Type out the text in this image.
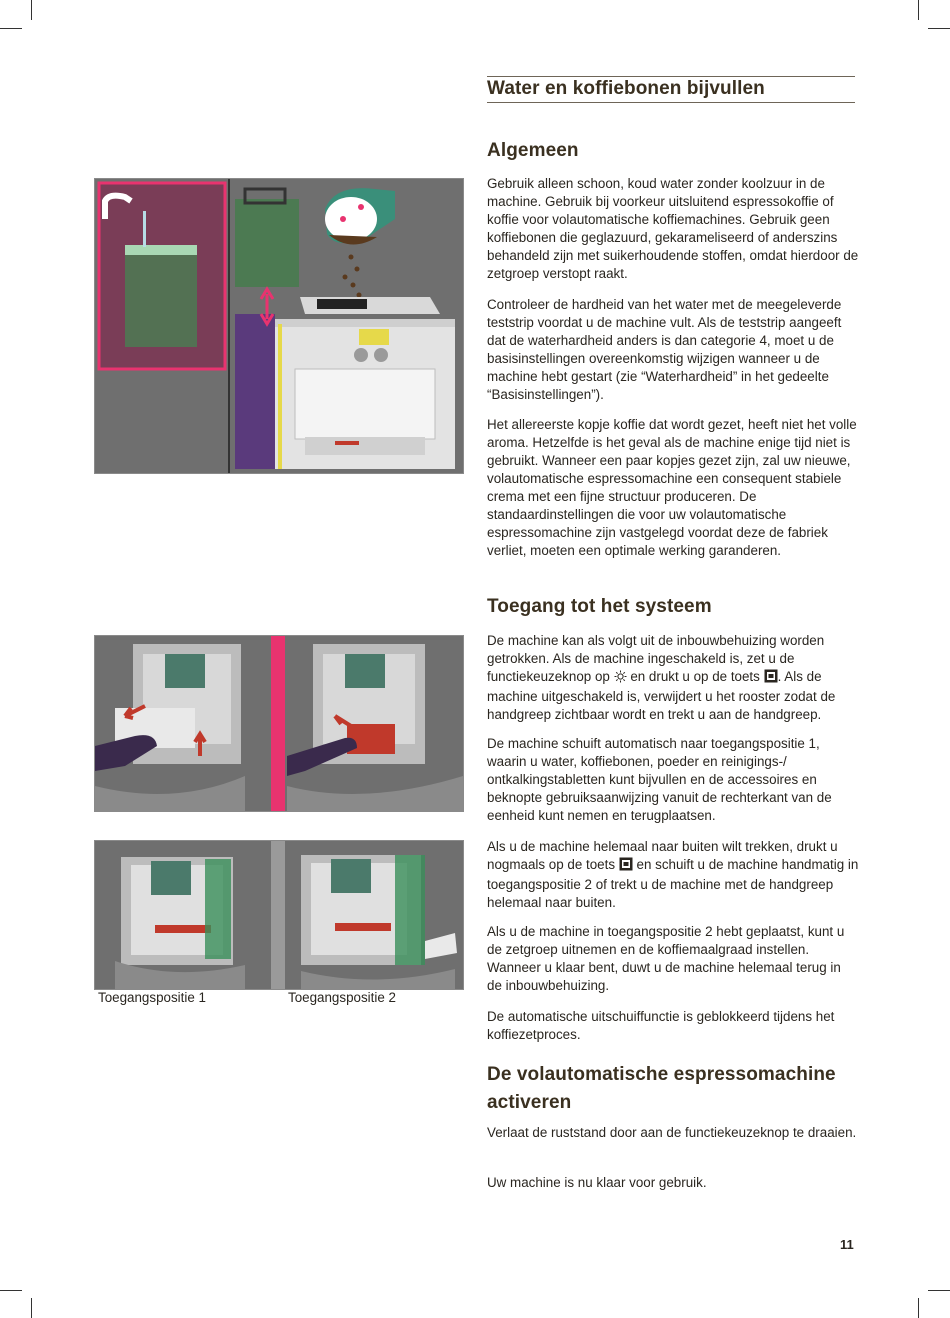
Water en koffiebonen bijvullen
Algemeen

Gebruik alleen schoon, koud water zonder koolzuur in de machine. Gebruik bij voorkeur uitsluitend espressokoffie of koffie voor volautomatische koffiemachines. Gebruik geen koffiebonen die geglazuurd, gekarameliseerd of anderszins behandeld zijn met suikerhoudende stoffen, omdat hierdoor de zetgroep verstopt raakt.

Controleer de hardheid van het water met de meegeleverde teststrip voordat u de machine vult. Als de teststrip aangeeft dat de waterhardheid anders is dan categorie 4, moet u de basisinstellingen overeenkomstig wijzigen wanneer u de machine hebt gestart (zie “Waterhardheid” in het gedeelte “Basisinstellingen”).

Het allereerste kopje koffie dat wordt gezet, heeft niet het volle aroma. Hetzelfde is het geval als de machine enige tijd niet is gebruikt. Wanneer een paar kopjes gezet zijn, zal uw nieuwe, volautomatische espressomachine een consequent stabiele crema met een fijne structuur produceren. De standaardinstellingen die voor uw volautomatische espressomachine zijn vastgelegd voordat deze de fabriek verliet, moeten een optimale werking garanderen.

Toegang tot het systeem

De machine kan als volgt uit de inbouwbehuizing worden getrokken. Als de machine ingeschakeld is, zet u de functiekeuzeknop op en drukt u op de toets . Als de machine uitgeschakeld is, verwijdert u het rooster zodat de handgreep zichtbaar wordt en trekt u aan de handgreep.

De machine schuift automatisch naar toegangspositie 1, waarin u water, koffiebonen, poeder en reinigings-/ ontkalkingstabletten kunt bijvullen en de accessoires en beknopte gebruiksaanwijzing vanuit de rechterkant van de eenheid kunt nemen en terugplaatsen.

Als u de machine helemaal naar buiten wilt trekken, drukt u nogmaals op de toets en schuift u de machine handmatig in toegangspositie 2 of trekt u de machine met de handgreep helemaal naar buiten.

Als u de machine in toegangspositie 2 hebt geplaatst, kunt u de zetgroep uitnemen en de koffiemaalgraad instellen. Wanneer u klaar bent, duwt u de machine helemaal terug in de inbouwbehuizing.

De automatische uitschuiffunctie is geblokkeerd tijdens het koffiezetproces.

De volautomatische espressomachine
activeren

Verlaat de ruststand door aan de functiekeuzeknop te draaien.

Uw machine is nu klaar voor gebruik.

Toegangspositie 1	Toegangspositie 2
11
